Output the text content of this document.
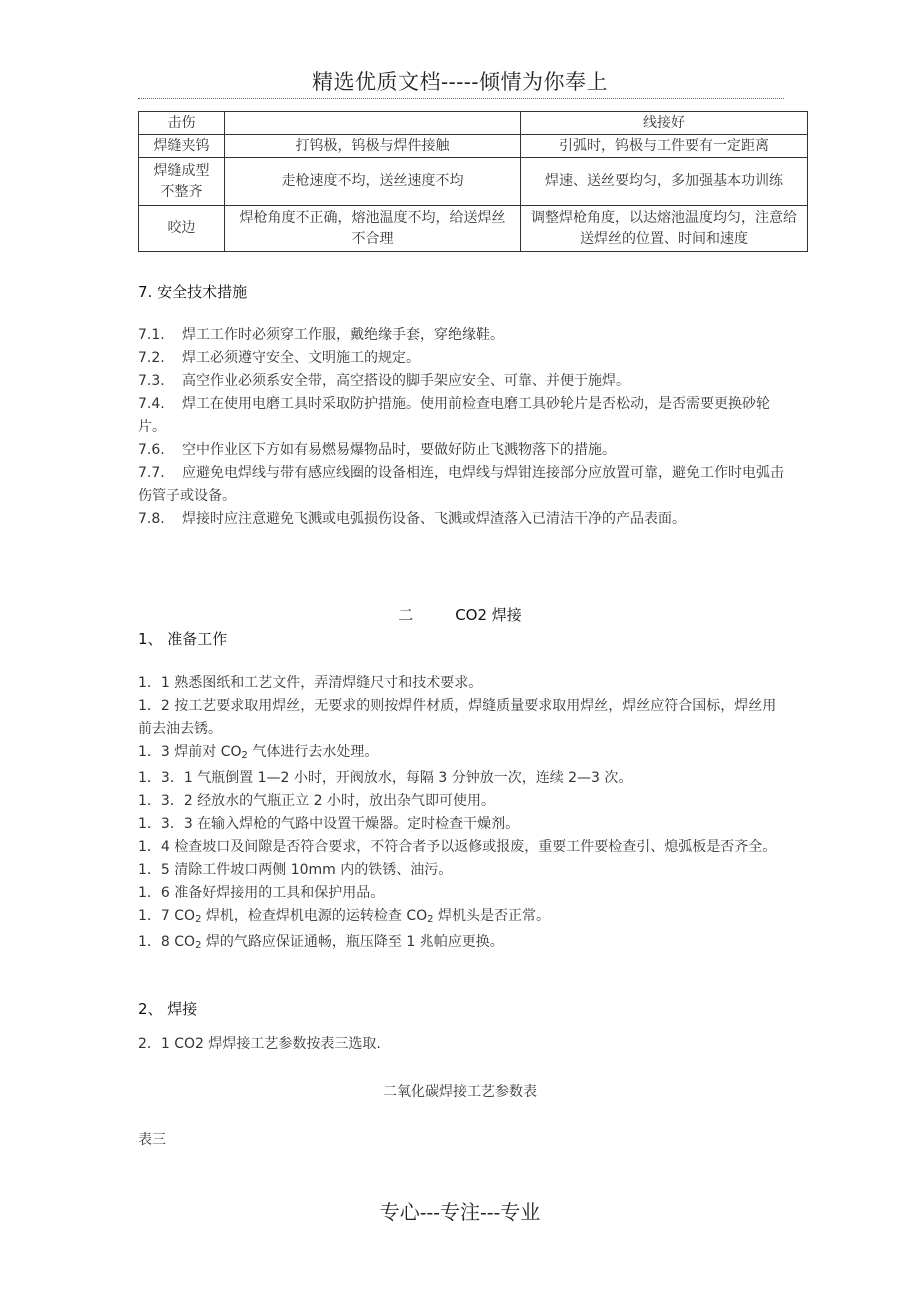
精选优质文档-----倾情为你奉上
击伤		线接好
焊缝夹钨	打钨极，钨极与焊件接触	引弧时，钨极与工件要有一定距离
焊缝成型不整齐	走枪速度不均，送丝速度不均	焊速、送丝要均匀，多加强基本功训练
咬边	焊枪角度不正确，熔池温度不均，给送焊丝不合理	调整焊枪角度，以达熔池温度均匀，注意给送焊丝的位置、时间和速度
7. 安全技术措施
7.1. 焊工工作时必须穿工作服，戴绝缘手套，穿绝缘鞋。
7.2. 焊工必须遵守安全、文明施工的规定。
7.3. 高空作业必须系安全带，高空搭设的脚手架应安全、可靠、并便于施焊。
7.4. 焊工在使用电磨工具时采取防护措施。使用前检查电磨工具砂轮片是否松动，是否需要更换砂轮片。
7.6. 空中作业区下方如有易燃易爆物品时，要做好防止飞溅物落下的措施。
7.7. 应避免电焊线与带有感应线圈的设备相连，电焊线与焊钳连接部分应放置可靠，避免工作时电弧击伤管子或设备。
7.8. 焊接时应注意避免飞溅或电弧损伤设备、飞溅或焊渣落入已清洁干净的产品表面。
二	CO2 焊接
1、 准备工作
1．1 熟悉图纸和工艺文件，弄清焊缝尺寸和技术要求。
1．2 按工艺要求取用焊丝，无要求的则按焊件材质，焊缝质量要求取用焊丝，焊丝应符合国标，焊丝用前去油去锈。
1．3 焊前对 $CO_2$ 气体进行去水处理。
1．3．1 气瓶倒置 1—2 小时，开阀放水，每隔 3 分钟放一次，连续 2—3 次。
1．3．2 经放水的气瓶正立 2 小时，放出杂气即可使用。
1．3．3 在输入焊枪的气路中设置干燥器。定时检查干燥剂。
1．4 检查坡口及间隙是否符合要求，不符合者予以返修或报废，重要工件要检查引、熄弧板是否齐全。
1．5 清除工件坡口两侧 10mm 内的铁锈、油污。
1．6 准备好焊接用的工具和保护用品。
1．7 $CO_2$ 焊机，检查焊机电源的运转检查 $CO_2$ 焊机头是否正常。
1．8 $CO_2$ 焊的气路应保证通畅，瓶压降至 1 兆帕应更换。
2、 焊接
2．1 CO2 焊焊接工艺参数按表三选取.
二氧化碳焊接工艺参数表
表三
专心---专注---专业
